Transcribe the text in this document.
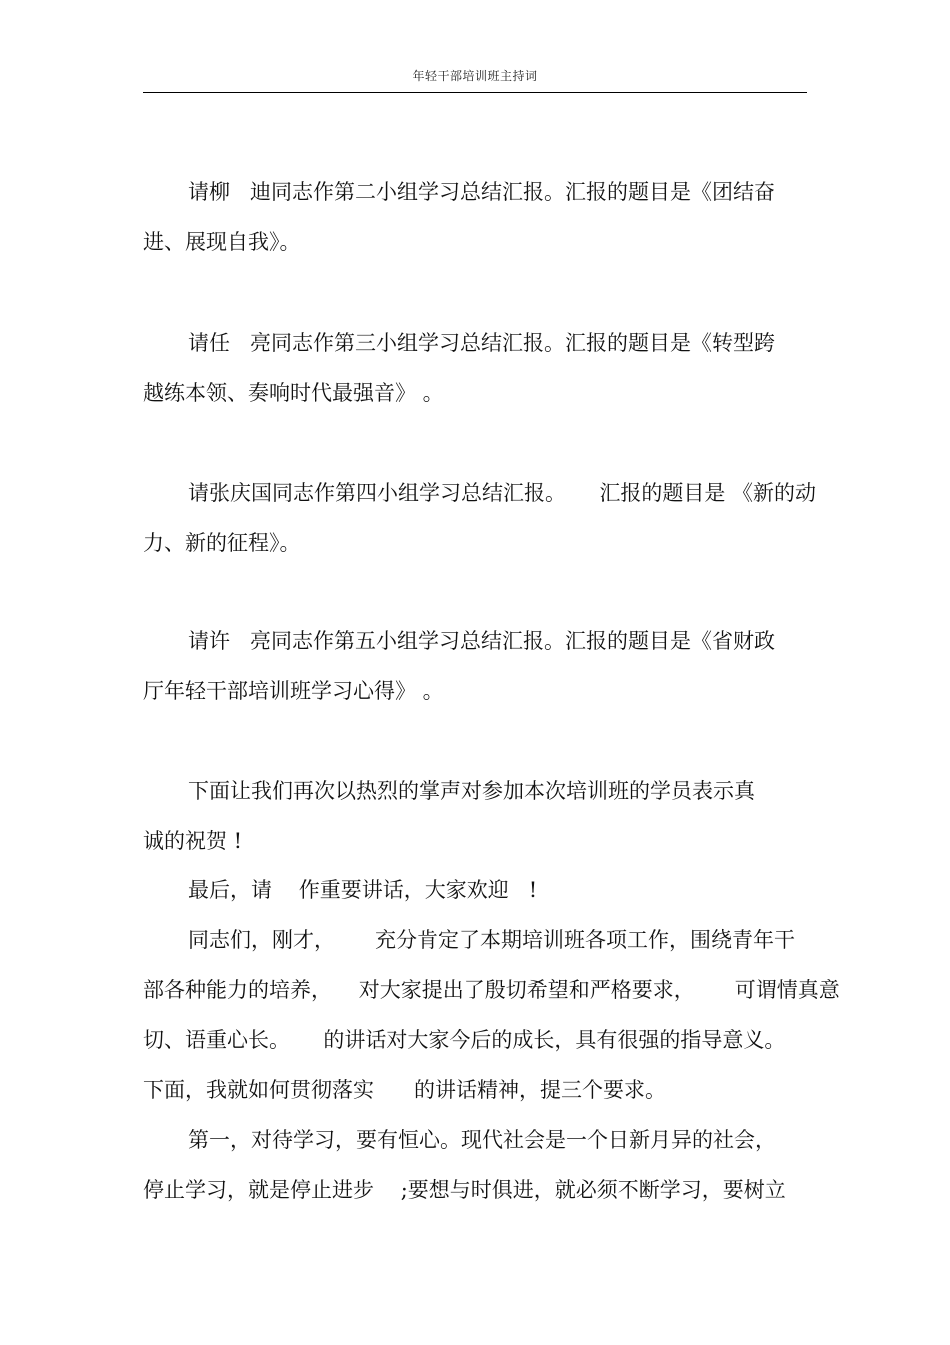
年轻干部培训班主持词
请柳   迪同志作第二小组学习总结汇报。汇报的题目是《团结奋
进、展现自我》。
请任   亮同志作第三小组学习总结汇报。汇报的题目是《转型跨
越练本领、奏响时代最强音》 。
请张庆国同志作第四小组学习总结汇报。     汇报的题目是 《新的动
力、新的征程》。
请许   亮同志作第五小组学习总结汇报。汇报的题目是《省财政
厅年轻干部培训班学习心得》 。
下面让我们再次以热烈的掌声对参加本次培训班的学员表示真
诚的祝贺 !
最后，请    作重要讲话，大家欢迎   !
同志们，刚才，      充分肯定了本期培训班各项工作，围绕青年干
部各种能力的培养，    对大家提出了殷切希望和严格要求，      可谓情真意
切、语重心长。     的讲话对大家今后的成长，具有很强的指导意义。
下面，我就如何贯彻落实      的讲话精神，提三个要求。
第一，对待学习，要有恒心。现代社会是一个日新月异的社会，
停止学习，就是停止进步    ;要想与时俱进，就必须不断学习，要树立
